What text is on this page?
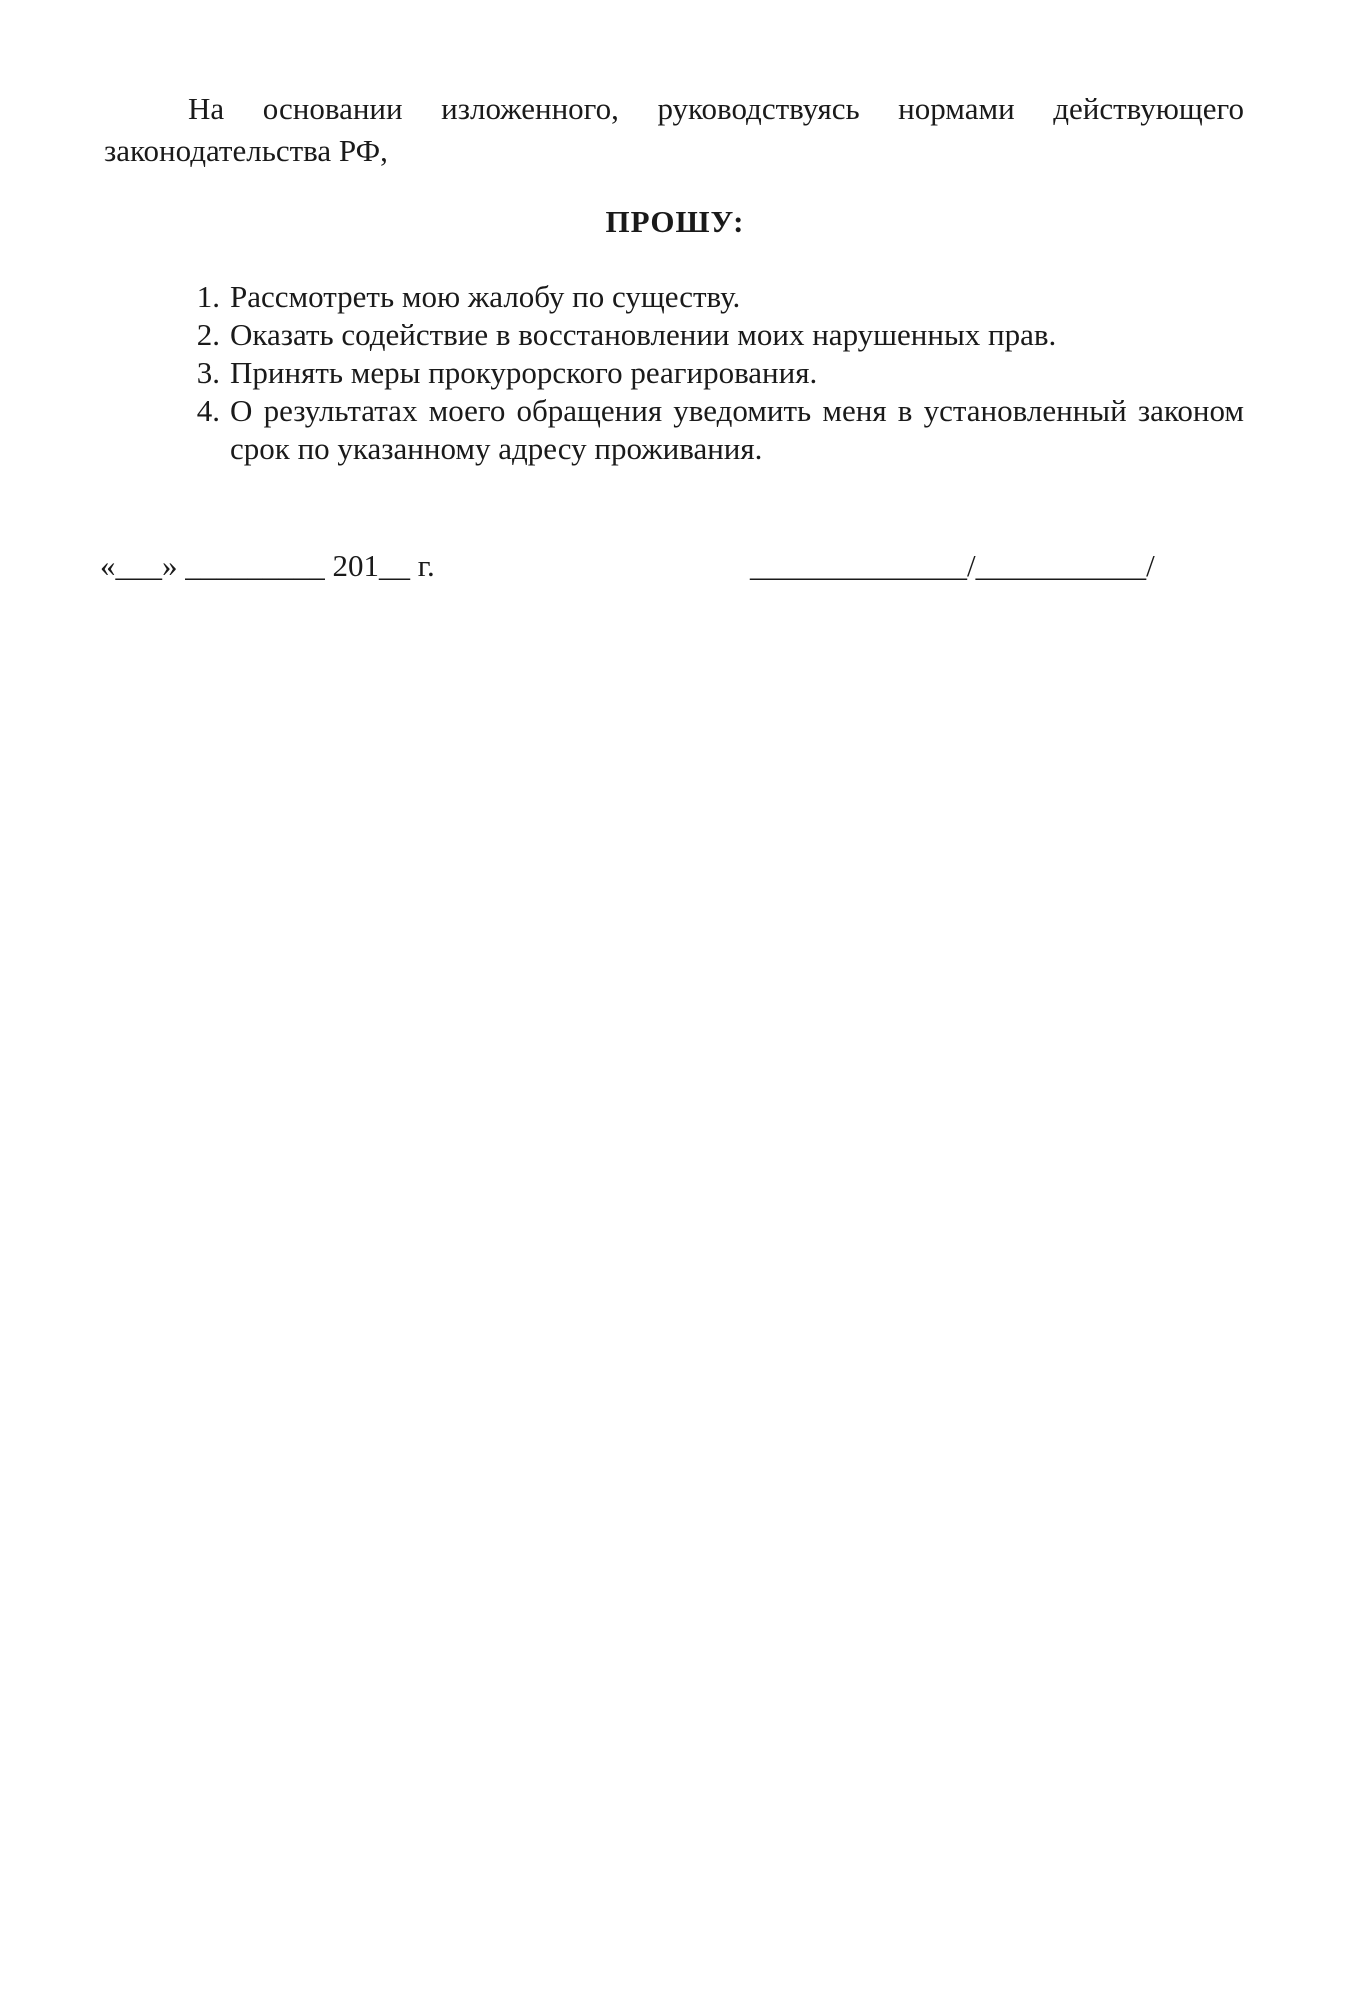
На основании изложенного, руководствуясь нормами действующего законодательства РФ,

ПРОШУ:

1. Рассмотреть мою жалобу по существу.
2. Оказать содействие в восстановлении моих нарушенных прав.
3. Принять меры прокурорского реагирования.
4. О результатах моего обращения уведомить меня в установленный законом срок по указанному адресу проживания.
«___» _________ 201__ г.	______________/___________/
